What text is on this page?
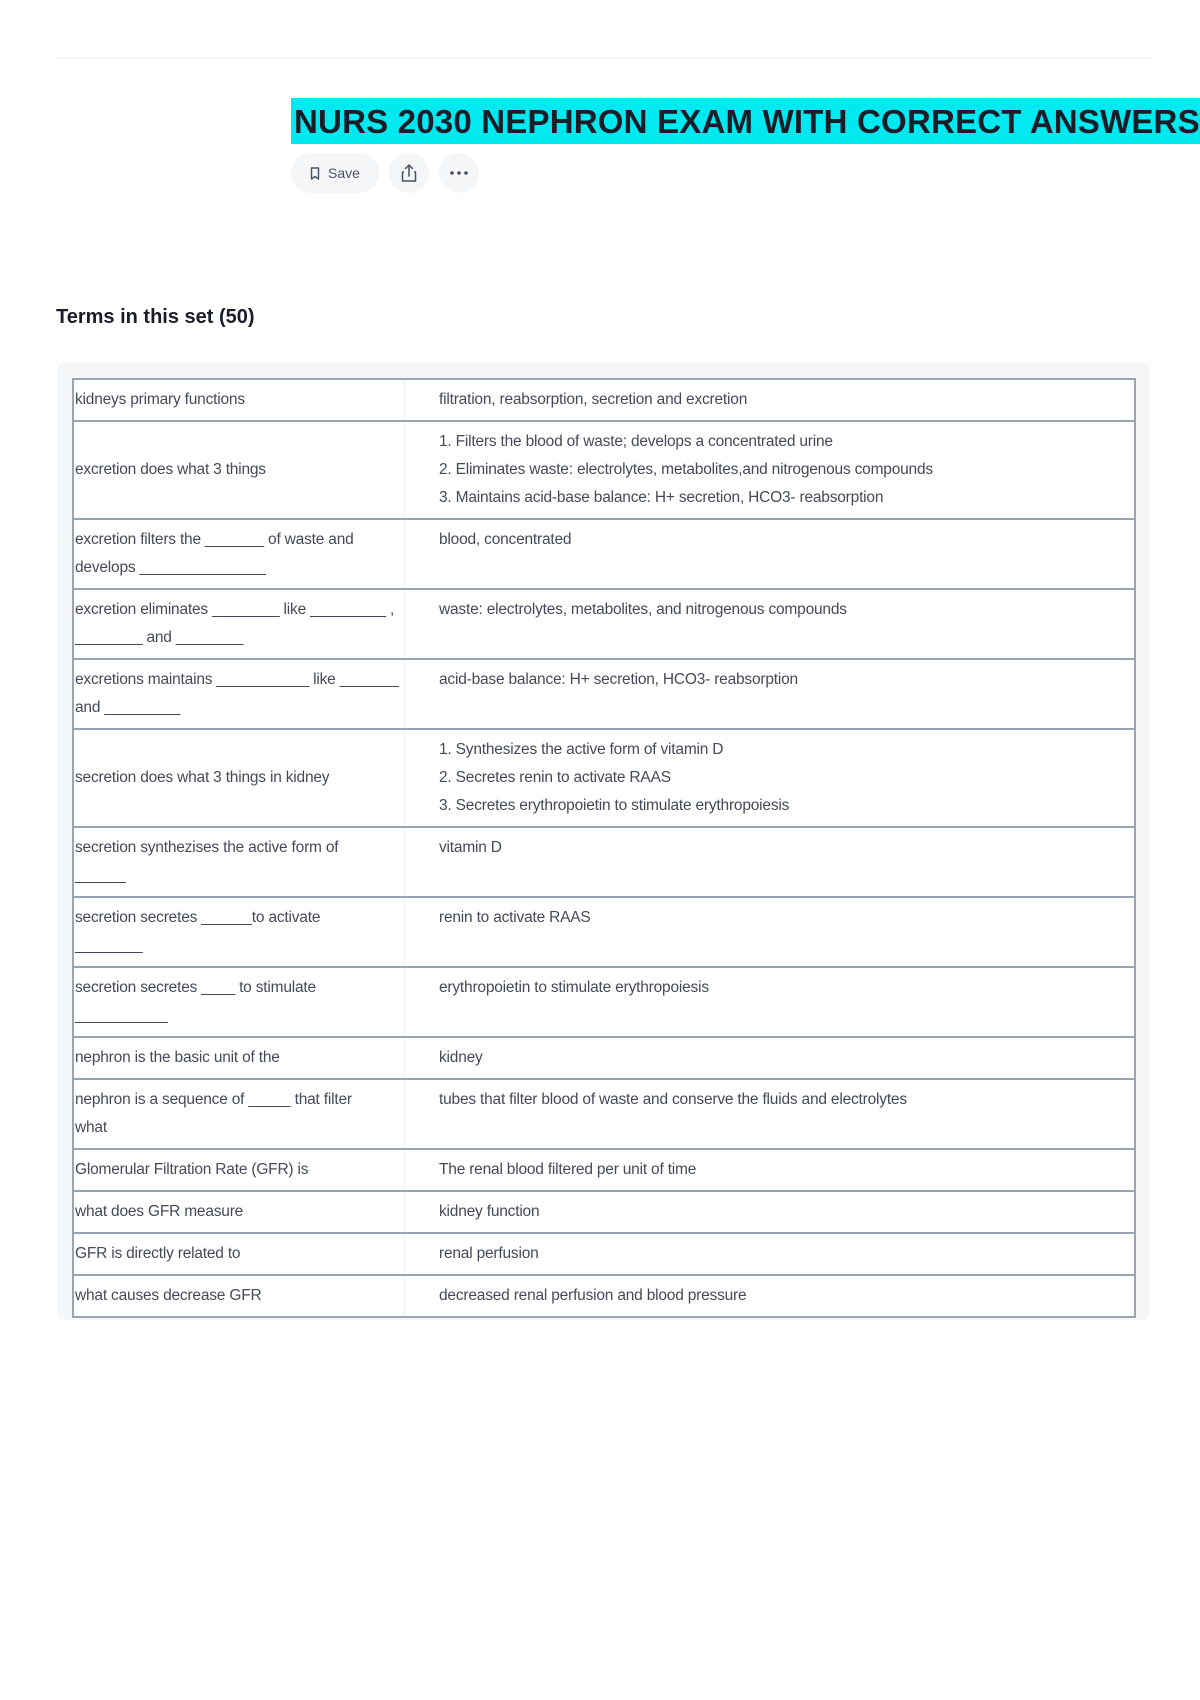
NURS 2030 NEPHRON EXAM WITH CORRECT ANSWERS
Save
Terms in this set (50)
kidneys primary functions	filtration, reabsorption, secretion and excretion

excretion does what 3 things	1. Filters the blood of waste; develops a concentrated urine
2. Eliminates waste: electrolytes, metabolites,and nitrogenous compounds
3. Maintains acid-base balance: H+ secretion, HCO3- reabsorption

excretion filters the _______ of waste and
develops _______________	blood, concentrated

excretion eliminates ________ like _________ ,
________ and ________	waste: electrolytes, metabolites, and nitrogenous compounds

excretions maintains ___________ like _______
and _________	acid-base balance: H+ secretion, HCO3- reabsorption

secretion does what 3 things in kidney	1. Synthesizes the active form of vitamin D
2. Secretes renin to activate RAAS
3. Secretes erythropoietin to stimulate erythropoiesis

secretion synthezises the active form of
______	vitamin D

secretion secretes ______to activate
________	renin to activate RAAS

secretion secretes ____ to stimulate
___________	erythropoietin to stimulate erythropoiesis

nephron is the basic unit of the	kidney

nephron is a sequence of _____ that filter
what	tubes that filter blood of waste and conserve the fluids and electrolytes

Glomerular Filtration Rate (GFR) is	The renal blood filtered per unit of time

what does GFR measure	kidney function

GFR is directly related to	renal perfusion

what causes decrease GFR	decreased renal perfusion and blood pressure
